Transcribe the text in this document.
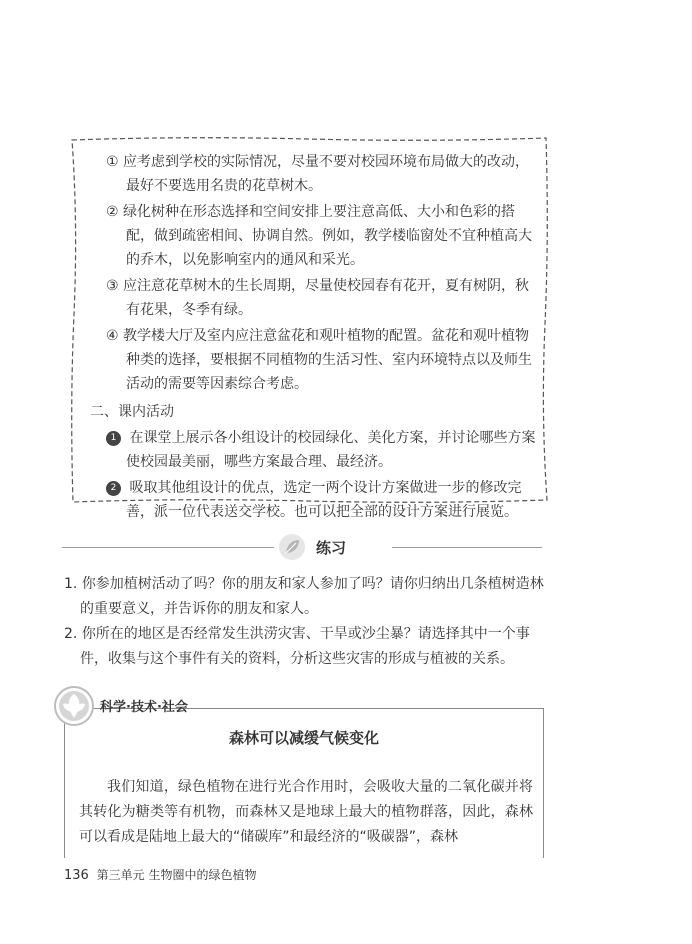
① 应考虑到学校的实际情况，尽量不要对校园环境布局做大的改动，最好不要选用名贵的花草树木。
② 绿化树种在形态选择和空间安排上要注意高低、大小和色彩的搭配，做到疏密相间、协调自然。例如，教学楼临窗处不宜种植高大的乔木，以免影响室内的通风和采光。
③ 应注意花草树木的生长周期，尽量使校园春有花开，夏有树阴，秋有花果，冬季有绿。
④ 教学楼大厅及室内应注意盆花和观叶植物的配置。盆花和观叶植物种类的选择，要根据不同植物的生活习性、室内环境特点以及师生活动的需要等因素综合考虑。
二、课内活动
1 在课堂上展示各小组设计的校园绿化、美化方案，并讨论哪些方案使校园最美丽，哪些方案最合理、最经济。
2 吸取其他组设计的优点，选定一两个设计方案做进一步的修改完善，派一位代表送交学校。也可以把全部的设计方案进行展览。
练习
1. 你参加植树活动了吗？你的朋友和家人参加了吗？请你归纳出几条植树造林的重要意义，并告诉你的朋友和家人。
2. 你所在的地区是否经常发生洪涝灾害、干旱或沙尘暴？请选择其中一个事件，收集与这个事件有关的资料，分析这些灾害的形成与植被的关系。
森林可以减缓气候变化
我们知道，绿色植物在进行光合作用时，会吸收大量的二氧化碳并将其转化为糖类等有机物，而森林又是地球上最大的植物群落，因此，森林可以看成是陆地上最大的“储碳库”和最经济的“吸碳器”，森林
科学·技术·社会
136 第三单元 生物圈中的绿色植物
